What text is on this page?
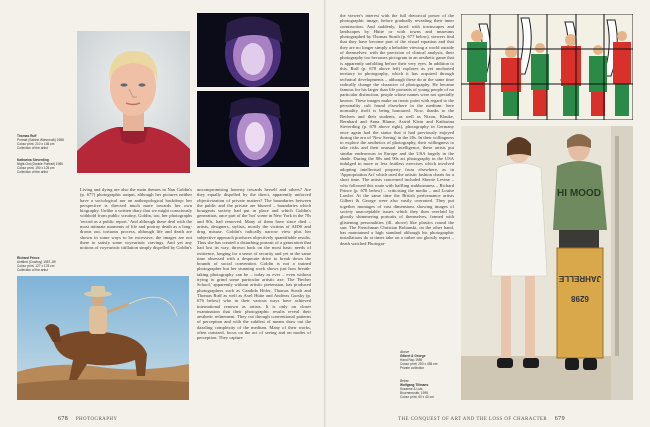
Thomas Ruff
Portrait (Sabine Wiesrmulli) 1988
Colour print, 210 x 165 cm
Collection of the artist
Katharina Sieverding
Night-Out (Double Portrait) 1985
Colour print, 190 x 125 cm
Collection of the artist
Richard Prince
Untitled (Cowboy) 1987–89
Colour print, 127 x 178 cm
Collection of the artist
Living and dying are also the main themes in Nan Goldin's (p. 677) photographic output, although her pictures neither have a sociological nor an anthropological backdrop: her perspective is directed much more towards her own biography. Unlike a written diary that we might consciously withhold from public scrutiny, Goldin, too, her photographs 'record as a public report.' And although these deal with the most intimate moments of life and portray death as a long-drawn out, tortuous process, although life and death are shown in some ways to be excessive, the images are not there to satisfy some voyeuristic cravings. And yet any notions of voyeuristic titillation simply dispelled by Goldin's
uncompromising honesty towards herself and others? Are they equally dispelled by the direct, apparently unforced objectivization of private matters? The boundaries between the public and the private are blurred – boundaries which bourgeois society had put in place and which Goldin's generation, once part of the 'hot' scene in New York in the 70s and 80s, had removed. Many of them have since died – artists, designers, stylists, mostly the victims of AIDS and drug misuse. Goldin's radically narrow view plus her subjective approach produces objectively quantifiable results. Thus she has created a disturbing portrait of a generation that had lost its way, thrown back on the most basic needs of existence, longing for a sense of security and yet at the same time obsessed with a desperate drive to break down the bounds of social convention. Goldin is not a trained photographer but her stunning work shows just how breath-taking photography can be – today as ever – even without trying to grind some particular artistic axe. The 'Becher School,' apparently without artistic pretension, has produced photographers such as Candida Höfer, Thomas Struth and Thomas Ruff as well as Axel Hütte and Andreas Gursky (p. 676 below) who in their various ways have achieved international renown as artists. It is only on closer examination that their photographic results reveal their aesthetic refinement. They cut through conventional patterns of perception and with the subtlest of means draw out the dazzling complexity of the medium. Many of their works, often outsized, focus on the act of seeing and on modes of perception. They capture
678 PHOTOGRAPHY
the viewer's interest with the full rhetorical power of the photographic image, before gradually revealing their inner construction. And suddenly, faced with townscapes and landscapes by Hütte or with towns and museums photographed by Thomas Struth (p. 677 below), viewers find that they have become part of the visual equation and that they are no longer simply a beholder viewing a world outside of themselves: with the precision of clinical analysis, their photography too becomes pictogram in an aesthetic game that is apparently unfolding before their very eyes. In addition to this, Ruff (p. 678 above left) explores as yet uncharted territory in photography, which it has acquired through technical developments – although these do at the same time radically change the character of photography. He became famous for his larger than life portraits of young people of no particular distinction, people whose names were not specially known. These images make an ironic point with regard to the personality cult found elsewhere in the medium: here normality itself is being honoured. Now, thanks to the Bechers and their students, as well as Nixon, Klauke, Bernhard and Anna Blume, Astrid Klein and Katharina Sieverding (p. 678 above right), photography in Germany once again had the status that it had previously enjoyed during the era of 'New Seeing' in the 20s. In their willingness to explore the aesthetics of photography, their willingness to take risks and their unusual intelligence, these artists put similar endeavours in Europe and the USA largely in the shade. During the 80s and 90s art photography in the USA indulged in more or less fruitless exercises which involved adopting intellectual property from elsewhere, as in 'Appropriation Art' which used the artistic fashion charts for a short time. The artists concerned included Sherrie Levine – who followed this route with baffling stubbornness – Richard Prince (p. 678 below) – criticising the media – and Louise Lawler. At the same time the British performance artists Gilbert & George were also vastly overrated. They put together montages of vast dimensions showing images of society unacceptable issues which they then overlaid by ghostly shimmering portraits of themselves, framed with glistening personalities (ill. above) like plastics round the sun. The Frenchman Christian Boltanski, on the other hand, has maintained a high standard although his photographic installations do at times take on a rather too ghostly aspect – death watched Photogra-
HI MOOD
JAHRELLE
6298
Above
Gilbert & George
Hand Rap 1989
Colour print, 253 x 455 cm
Private collection
Below
Wolfgang Tillmans
Suzanne & Lutz,
Bournemouth, 1995
Colour print, 60 x 40 cm
THE CONQUEST OF ART AND THE LOSS OF CHARACTER 679
